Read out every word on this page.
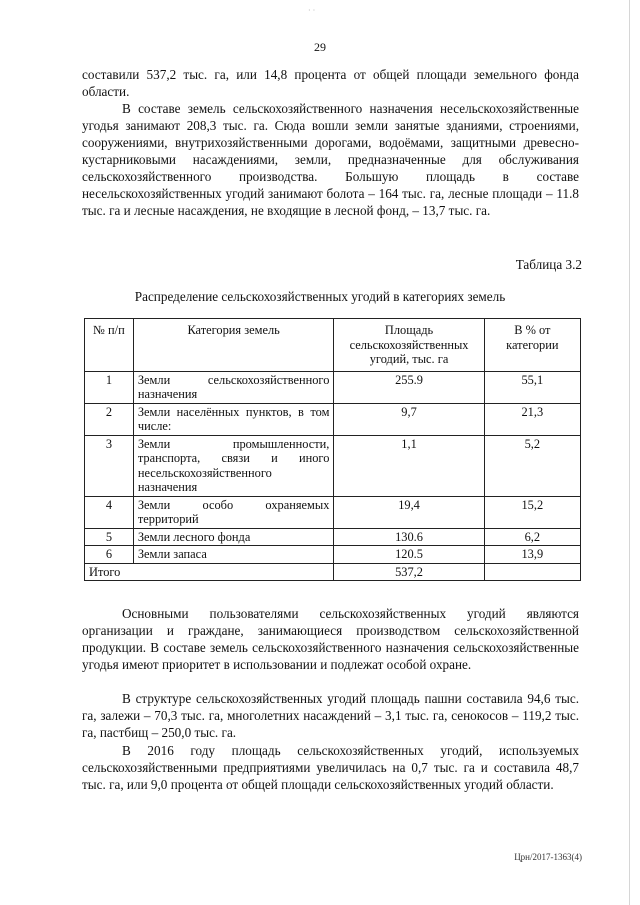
· ·
29

составили 537,2 тыс. га, или 14,8 процента от общей площади земельного фонда области.

В составе земель сельскохозяйственного назначения несельскохозяйственные угодья занимают 208,3 тыс. га. Сюда вошли земли занятые зданиями, строениями, сооружениями, внутрихозяйственными дорогами, водоёмами, защитными древесно-кустарниковыми насаждениями, земли, предназначенные для обслуживания сельскохозяйственного производства. Большую площадь в составе несельскохозяйственных угодий занимают болота – 164 тыс. га, лесные площади – 11.8 тыс. га и лесные насаждения, не входящие в лесной фонд, – 13,7 тыс. га.

Таблица 3.2
Распределение сельскохозяйственных угодий в категориях земель
№ п/п	Категория земель	Площадь сельскохозяйственных угодий, тыс. га	В % от категории
1	Земли сельскохозяйственного назначения	255.9	55,1
2	Земли населённых пунктов, в том числе:	9,7	21,3
3	Земли промышленности, транспорта, связи и иного несельскохозяйственного назначения	1,1	5,2
4	Земли особо охраняемых территорий	19,4	15,2
5	Земли лесного фонда	130.6	6,2
6	Земли запаса	120.5	13,9
Итого		537,2	

Основными пользователями сельскохозяйственных угодий являются организации и граждане, занимающиеся производством сельскохозяйственной продукции. В составе земель сельскохозяйственного назначения сельскохозяйственные угодья имеют приоритет в использовании и подлежат особой охране.

В структуре сельскохозяйственных угодий площадь пашни составила 94,6 тыс. га, залежи – 70,3 тыс. га, многолетних насаждений – 3,1 тыс. га, сенокосов – 119,2 тыс. га, пастбищ – 250,0 тыс. га.

В 2016 году площадь сельскохозяйственных угодий, используемых сельскохозяйственными предприятиями увеличилась на 0,7 тыс. га и составила 48,7 тыс. га, или 9,0 процента от общей площади сельскохозяйственных угодий области.

Црн/2017-1363(4)
